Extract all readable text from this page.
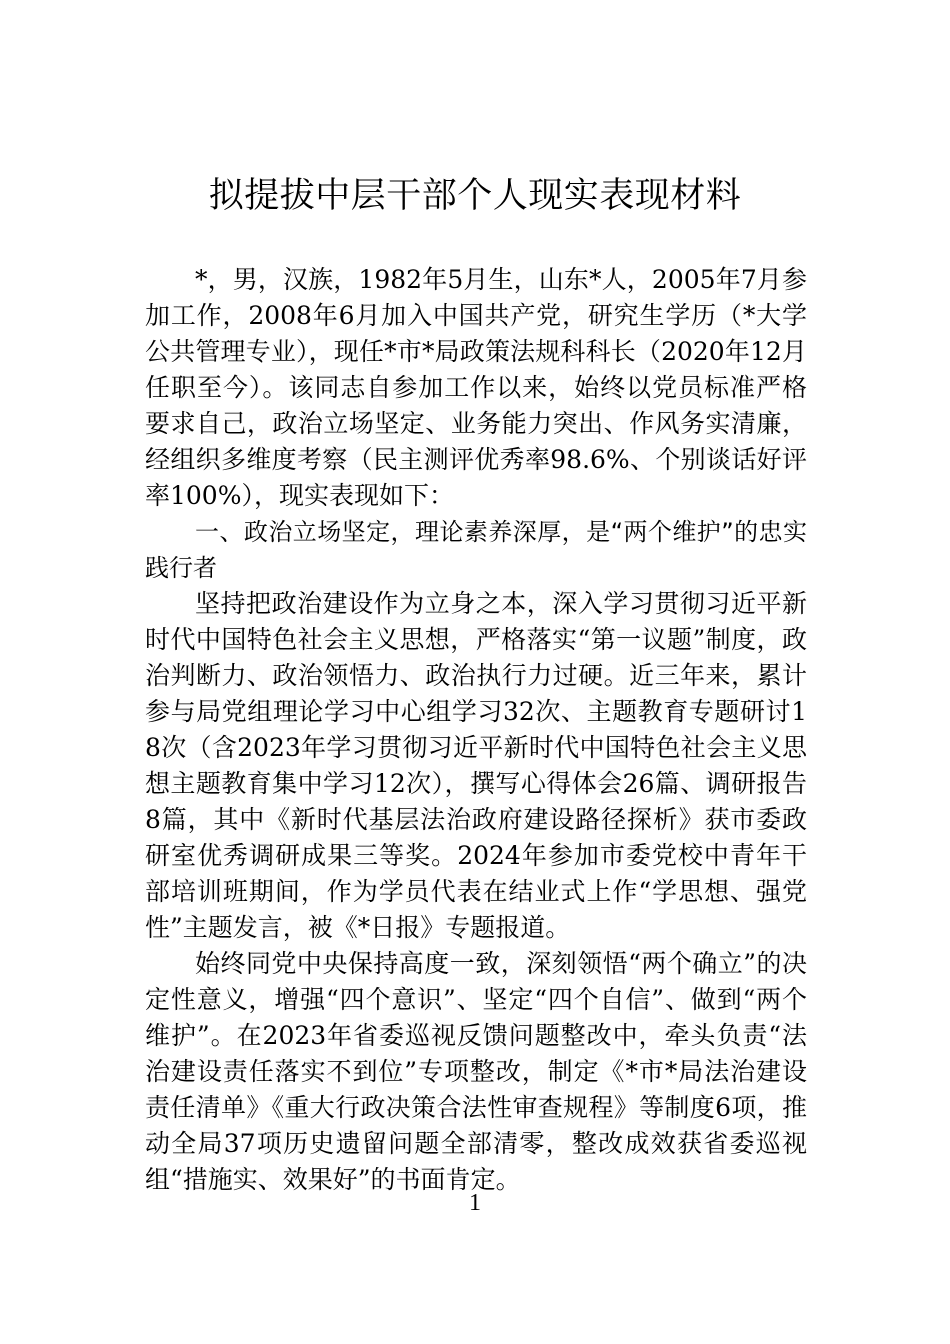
拟提拔中层干部个人现实表现材料

*，男，汉族，1982年5月生，山东*人，2005年7月参加工作，2008年6月加入中国共产党，研究生学历（*大学公共管理专业），现任*市*局政策法规科科长（2020年12月任职至今）。该同志自参加工作以来，始终以党员标准严格要求自己，政治立场坚定、业务能力突出、作风务实清廉，经组织多维度考察（民主测评优秀率98.6%、个别谈话好评率100%），现实表现如下：

一、政治立场坚定，理论素养深厚，是“两个维护”的忠实践行者

坚持把政治建设作为立身之本，深入学习贯彻习近平新时代中国特色社会主义思想，严格落实“第一议题”制度，政治判断力、政治领悟力、政治执行力过硬。近三年来，累计参与局党组理论学习中心组学习32次、主题教育专题研讨18次（含2023年学习贯彻习近平新时代中国特色社会主义思想主题教育集中学习12次），撰写心得体会26篇、调研报告8篇，其中《新时代基层法治政府建设路径探析》获市委政研室优秀调研成果三等奖。2024年参加市委党校中青年干部培训班期间，作为学员代表在结业式上作“学思想、强党性”主题发言，被《*日报》专题报道。

始终同党中央保持高度一致，深刻领悟“两个确立”的决定性意义，增强“四个意识”、坚定“四个自信”、做到“两个维护”。在2023年省委巡视反馈问题整改中，牵头负责“法治建设责任落实不到位”专项整改，制定《*市*局法治建设责任清单》《重大行政决策合法性审查规程》等制度6项，推动全局37项历史遗留问题全部清零，整改成效获省委巡视组“措施实、效果好”的书面肯定。

1
